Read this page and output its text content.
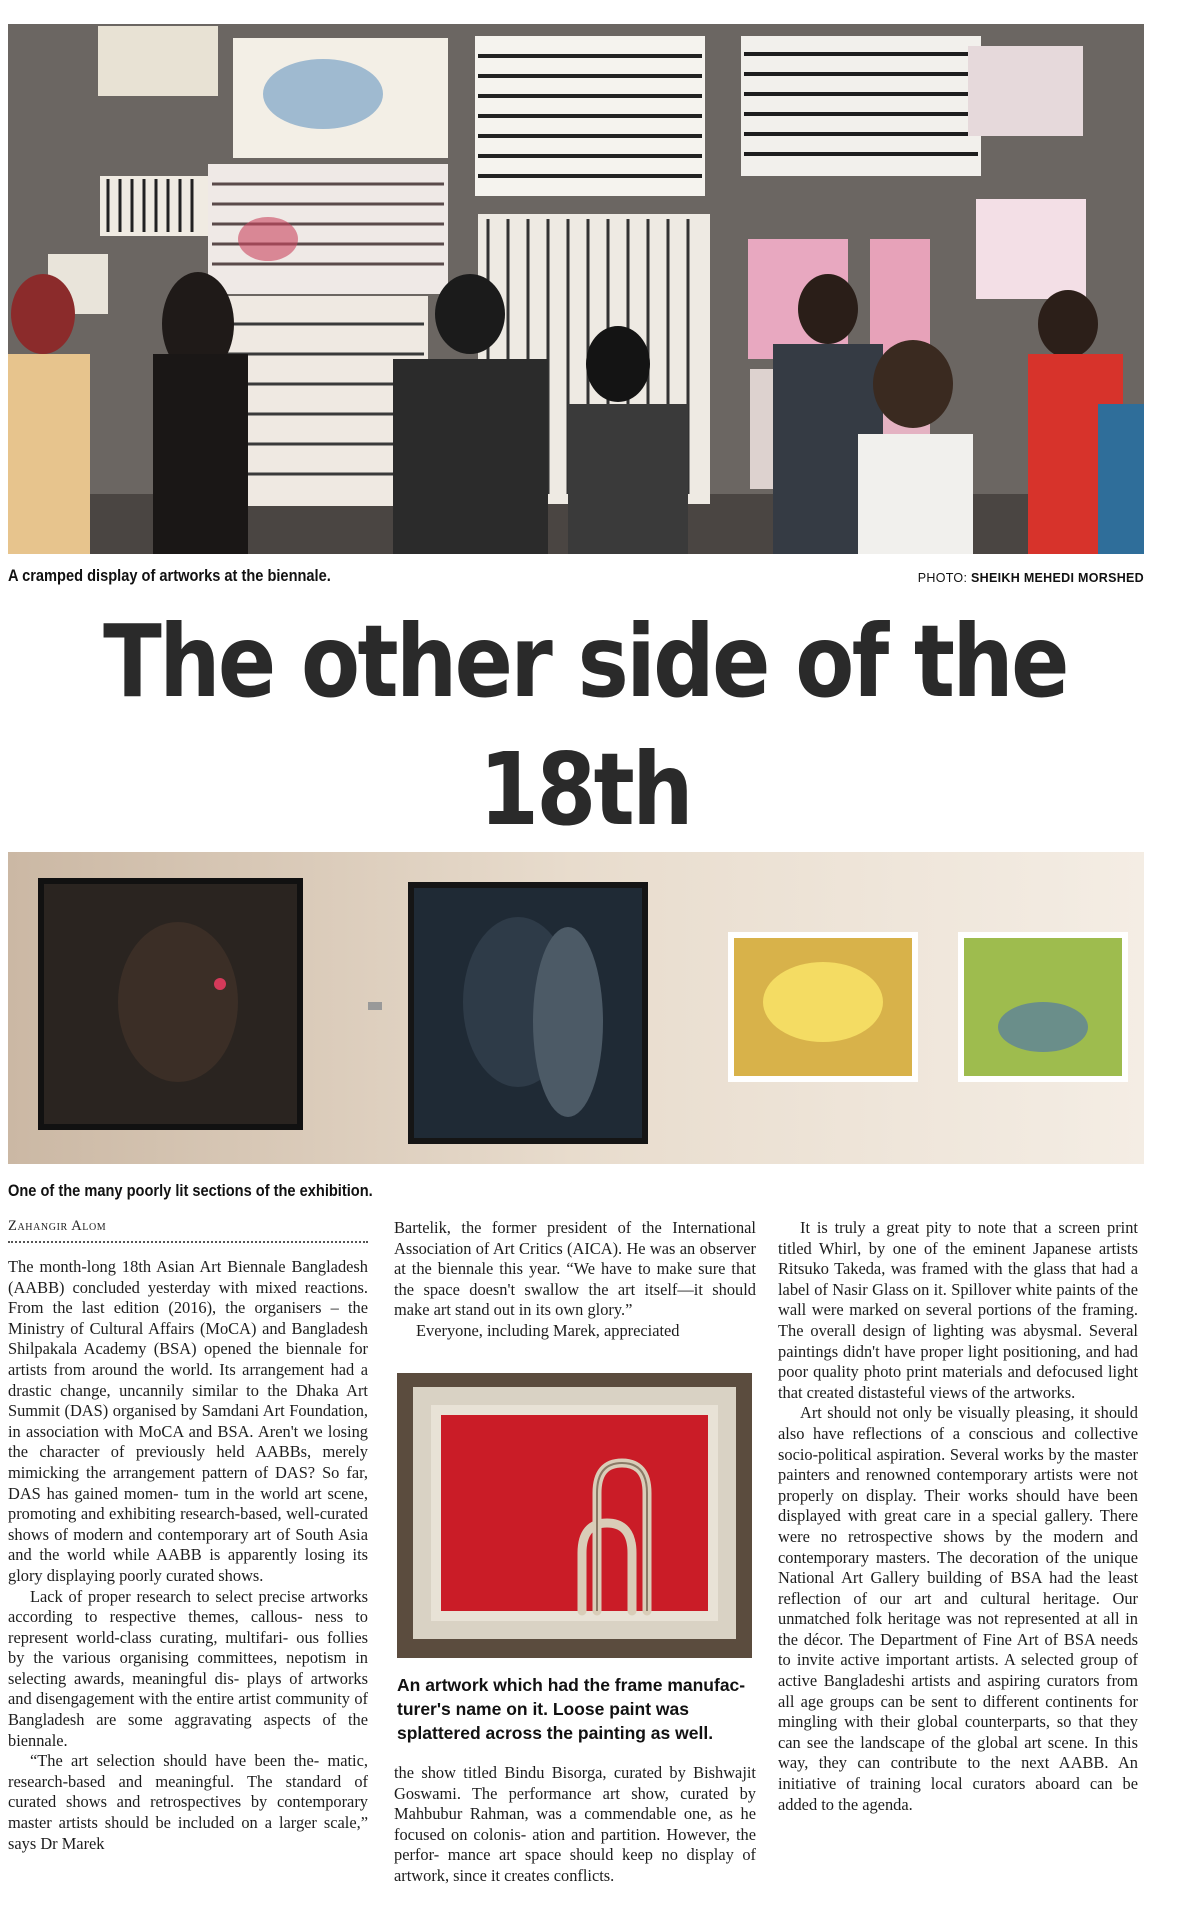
A cramped display of artworks at the biennale.	PHOTO: SHEIKH MEHEDI MORSHED
The other side of the 18th
One of the many poorly lit sections of the exhibition.
Zahangir Alom

The month-long 18th Asian Art Biennale Bangladesh (AABB) concluded yesterday with mixed reactions. From the last edition (2016), the organisers – the Ministry of Cultural Affairs (MoCA) and Bangladesh Shilpakala Academy (BSA) opened the biennale for artists from around the world. Its arrangement had a drastic change, uncannily similar to the Dhaka Art Summit (DAS) organised by Samdani Art Foundation, in association with MoCA and BSA. Aren't we losing the character of previously held AABBs, merely mimicking the arrangement pattern of DAS? So far, DAS has gained momen- tum in the world art scene, promoting and exhibiting research-based, well-curated shows of modern and contemporary art of South Asia and the world while AABB is apparently losing its glory displaying poorly curated shows.

Lack of proper research to select precise artworks according to respective themes, callous- ness to represent world-class curating, multifari- ous follies by the various organising committees, nepotism in selecting awards, meaningful dis- plays of artworks and disengagement with the entire artist community of Bangladesh are some aggravating aspects of the biennale.

“The art selection should have been the- matic, research-based and meaningful. The standard of curated shows and retrospectives by contemporary master artists should be included on a larger scale,” says Dr Marek

Bartelik, the former president of the International Association of Art Critics (AICA). He was an observer at the biennale this year. “We have to make sure that the space doesn't swallow the art itself—it should make art stand out in its own glory.”

Everyone, including Marek, appreciated

An artwork which had the frame manufac- turer's name on it. Loose paint was splattered across the painting as well.

the show titled Bindu Bisorga, curated by Bishwajit Goswami. The performance art show, curated by Mahbubur Rahman, was a commendable one, as he focused on colonis- ation and partition. However, the perfor- mance art space should keep no display of artwork, since it creates conflicts.

It is truly a great pity to note that a screen print titled Whirl, by one of the eminent Japanese artists Ritsuko Takeda, was framed with the glass that had a label of Nasir Glass on it. Spillover white paints of the wall were marked on several portions of the framing. The overall design of lighting was abysmal. Several paintings didn't have proper light positioning, and had poor quality photo print materials and defocused light that created distasteful views of the artworks.

Art should not only be visually pleasing, it should also have reflections of a conscious and collective socio-political aspiration. Several works by the master painters and renowned contemporary artists were not properly on display. Their works should have been displayed with great care in a special gallery. There were no retrospective shows by the modern and contemporary masters. The decoration of the unique National Art Gallery building of BSA had the least reflection of our art and cultural heritage. Our unmatched folk heritage was not represented at all in the décor. The Department of Fine Art of BSA needs to invite active important artists. A selected group of active Bangladeshi artists and aspiring curators from all age groups can be sent to different continents for mingling with their global counterparts, so that they can see the landscape of the global art scene. In this way, they can contribute to the next AABB. An initiative of training local curators aboard can be added to the agenda.
